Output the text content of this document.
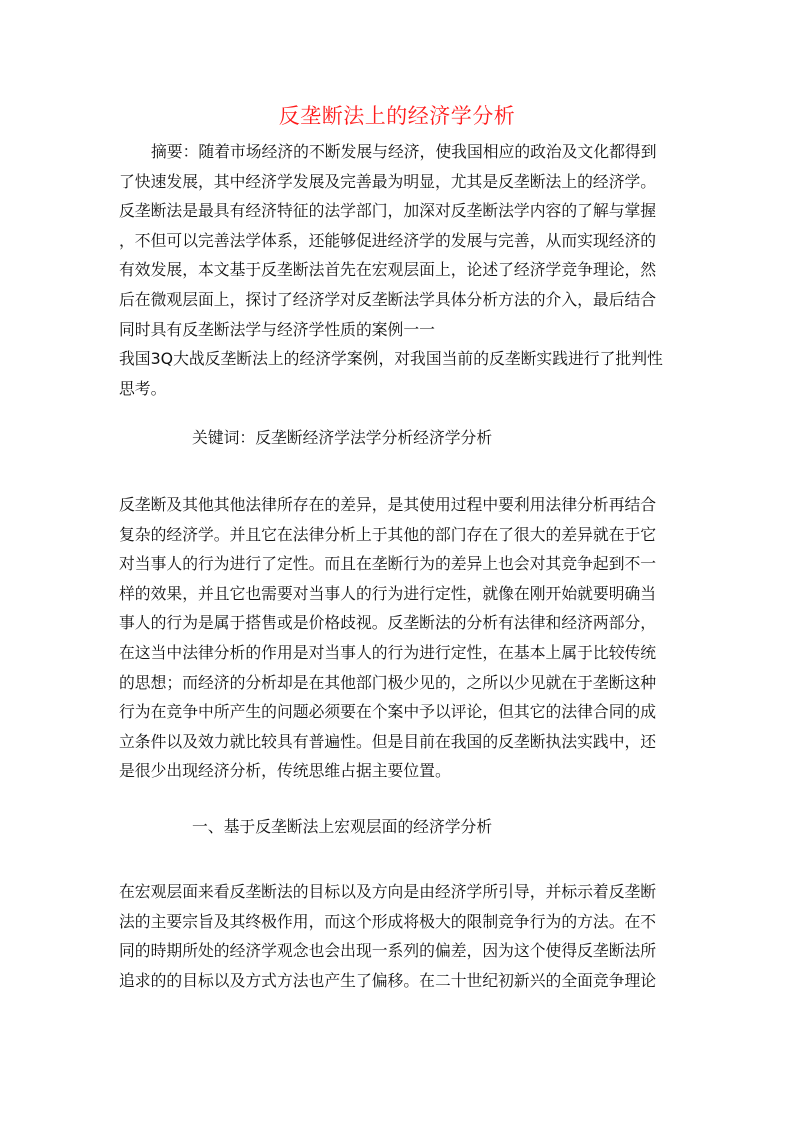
反垄断法上的经济学分析
摘要：随着市场经济的不断发展与经济，使我国相应的政治及文化都得到
了快速发展，其中经济学发展及完善最为明显，尤其是反垄断法上的经济学。
反垄断法是最具有经济特征的法学部门，加深对反垄断法学内容的了解与掌握
，不但可以完善法学体系，还能够促进经济学的发展与完善，从而实现经济的
有效发展，本文基于反垄断法首先在宏观层面上，论述了经济学竞争理论，然
后在微观层面上，探讨了经济学对反垄断法学具体分析方法的介入，最后结合
同时具有反垄断法学与经济学性质的案例一一
我国3Q大战反垄断法上的经济学案例，对我国当前的反垄断实践进行了批判性
思考。
关键词：反垄断经济学法学分析经济学分析
反垄断及其他其他法律所存在的差异，是其使用过程中要利用法律分析再结合
复杂的经济学。并且它在法律分析上于其他的部门存在了很大的差异就在于它
对当事人的行为进行了定性。而且在垄断行为的差异上也会对其竞争起到不一
样的效果，并且它也需要对当事人的行为进行定性，就像在刚开始就要明确当
事人的行为是属于搭售或是价格歧视。反垄断法的分析有法律和经济两部分，
在这当中法律分析的作用是对当事人的行为进行定性，在基本上属于比较传统
的思想；而经济的分析却是在其他部门极少见的，之所以少见就在于垄断这种
行为在竞争中所产生的问题必须要在个案中予以评论，但其它的法律合同的成
立条件以及效力就比较具有普遍性。但是目前在我国的反垄断执法实践中，还
是很少出现经济分析，传统思维占据主要位置。
一、基于反垄断法上宏观层面的经济学分析
在宏观层面来看反垄断法的目标以及方向是由经济学所引导，并标示着反垄断
法的主要宗旨及其终极作用，而这个形成将极大的限制竞争行为的方法。在不
同的時期所处的经济学观念也会出现一系列的偏差，因为这个使得反垄断法所
追求的的目标以及方式方法也产生了偏移。在二十世纪初新兴的全面竞争理论
